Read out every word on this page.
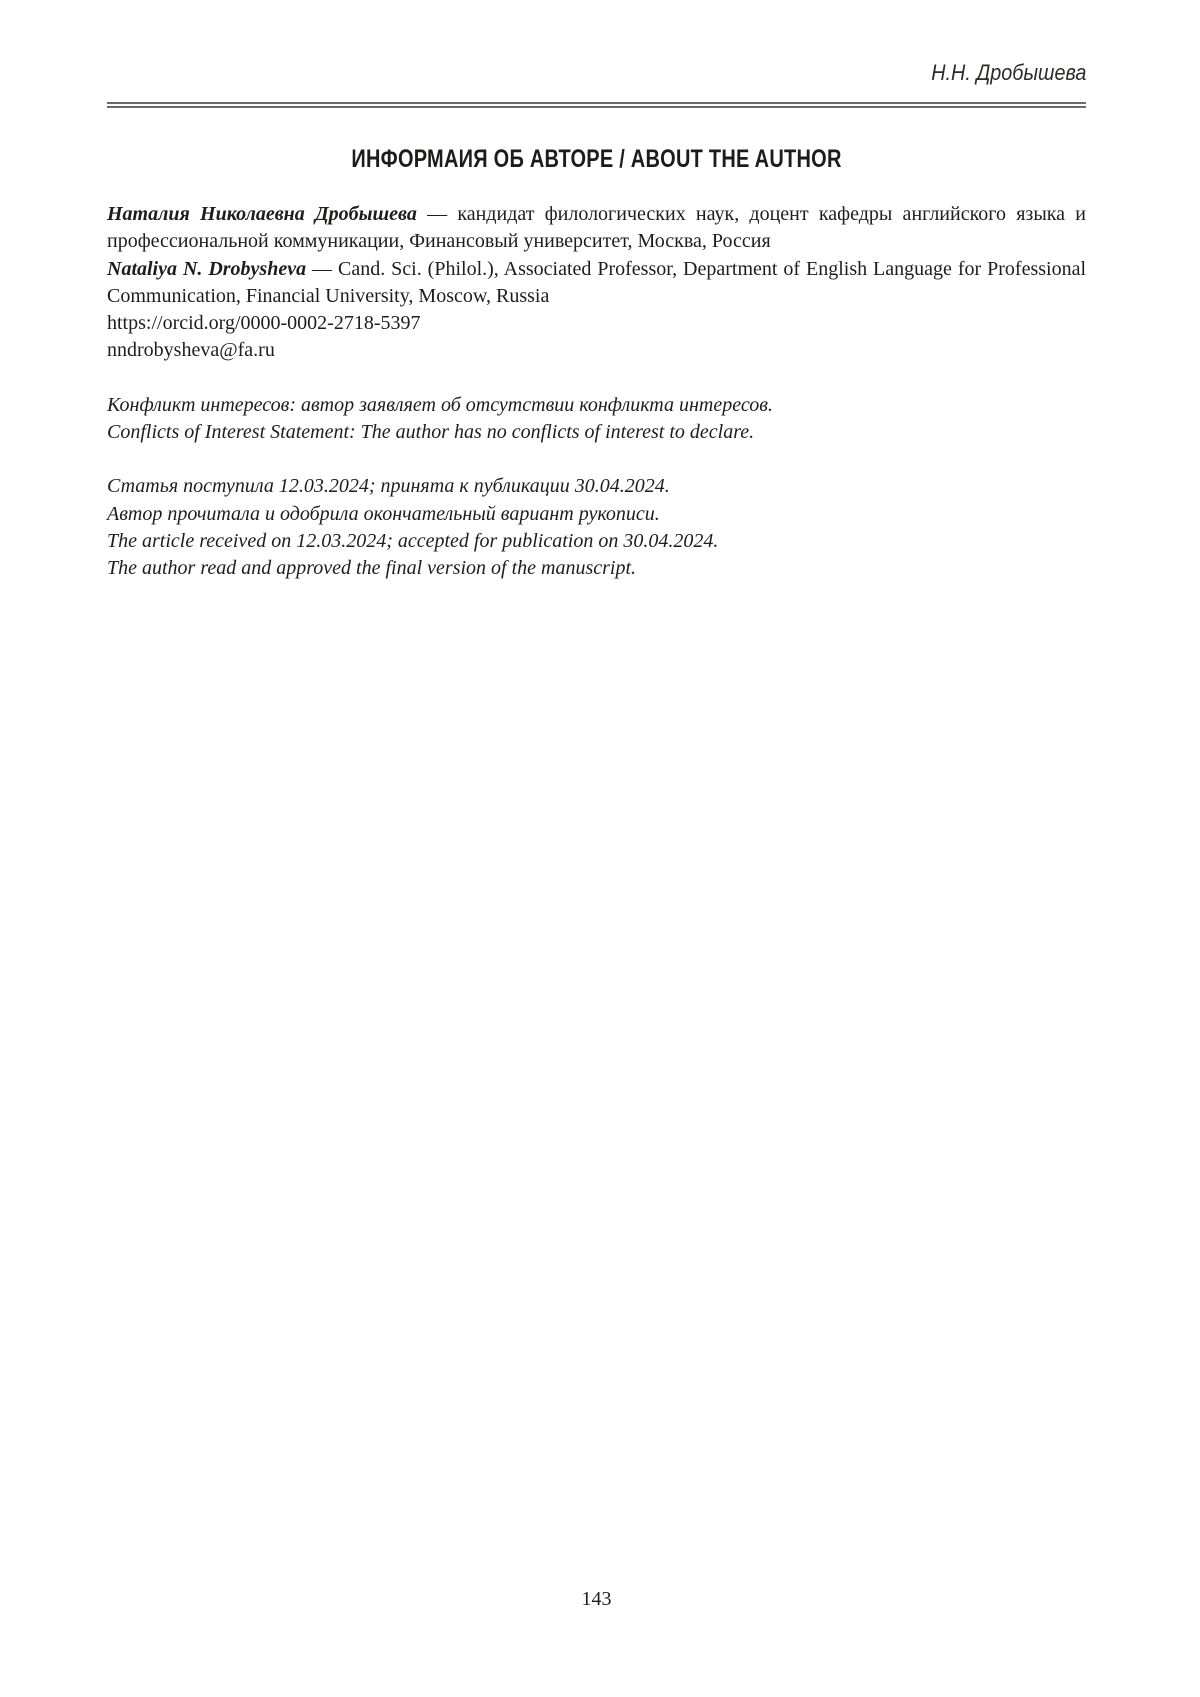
Н.Н. Дробышева
ИНФОРМАИЯ ОБ АВТОРЕ / ABOUT THE AUTHOR

Наталия Николаевна Дробышева — кандидат филологических наук, доцент кафедры английского языка и профессиональной коммуникации, Финансовый университет, Москва, Россия

Nataliya N. Drobysheva — Cand. Sci. (Philol.), Associated Professor, Department of English Language for Professional Communication, Financial University, Moscow, Russia

https://orcid.org/0000-0002-2718-5397

nndrobysheva@fa.ru

Конфликт интересов: автор заявляет об отсутствии конфликта интересов.

Conflicts of Interest Statement: The author has no conflicts of interest to declare.

Статья поступила 12.03.2024; принята к публикации 30.04.2024.

Автор прочитала и одобрила окончательный вариант рукописи.

The article received on 12.03.2024; accepted for publication on 30.04.2024.

The author read and approved the final version of the manuscript.

143
